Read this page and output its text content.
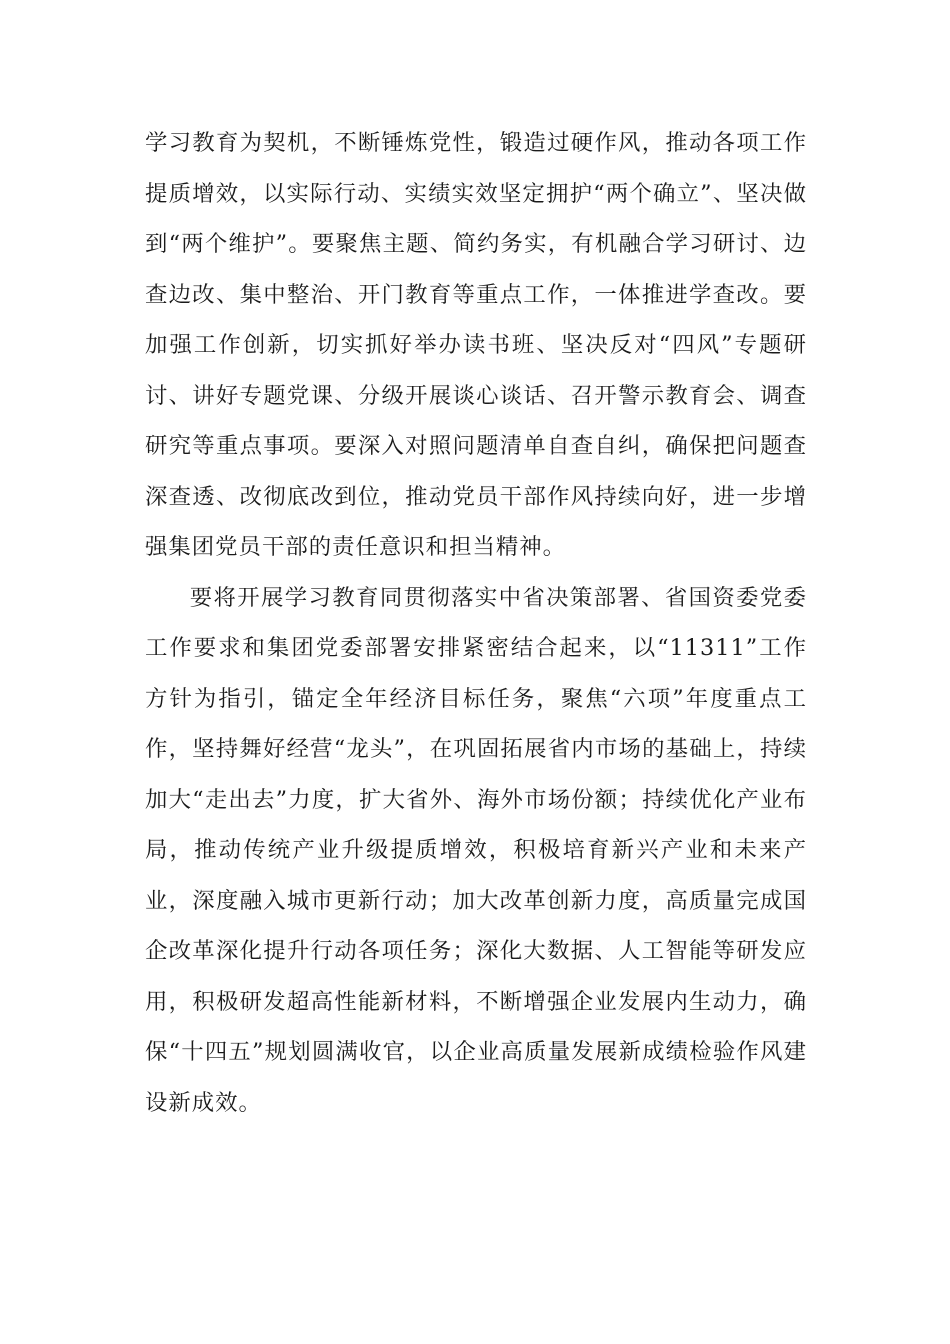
学习教育为契机，不断锤炼党性，锻造过硬作风，推动各项工作提质增效，以实际行动、实绩实效坚定拥护“两个确立”、坚决做到“两个维护”。要聚焦主题、简约务实，有机融合学习研讨、边查边改、集中整治、开门教育等重点工作，一体推进学查改。要加强工作创新，切实抓好举办读书班、坚决反对“四风”专题研讨、讲好专题党课、分级开展谈心谈话、召开警示教育会、调查研究等重点事项。要深入对照问题清单自查自纠，确保把问题查深查透、改彻底改到位，推动党员干部作风持续向好，进一步增强集团党员干部的责任意识和担当精神。

要将开展学习教育同贯彻落实中省决策部署、省国资委党委工作要求和集团党委部署安排紧密结合起来，以“11311”工作方针为指引，锚定全年经济目标任务，聚焦“六项”年度重点工作，坚持舞好经营“龙头”，在巩固拓展省内市场的基础上，持续加大“走出去”力度，扩大省外、海外市场份额；持续优化产业布局，推动传统产业升级提质增效，积极培育新兴产业和未来产业，深度融入城市更新行动；加大改革创新力度，高质量完成国企改革深化提升行动各项任务；深化大数据、人工智能等研发应用，积极研发超高性能新材料，不断增强企业发展内生动力，确保“十四五”规划圆满收官，以企业高质量发展新成绩检验作风建设新成效。
